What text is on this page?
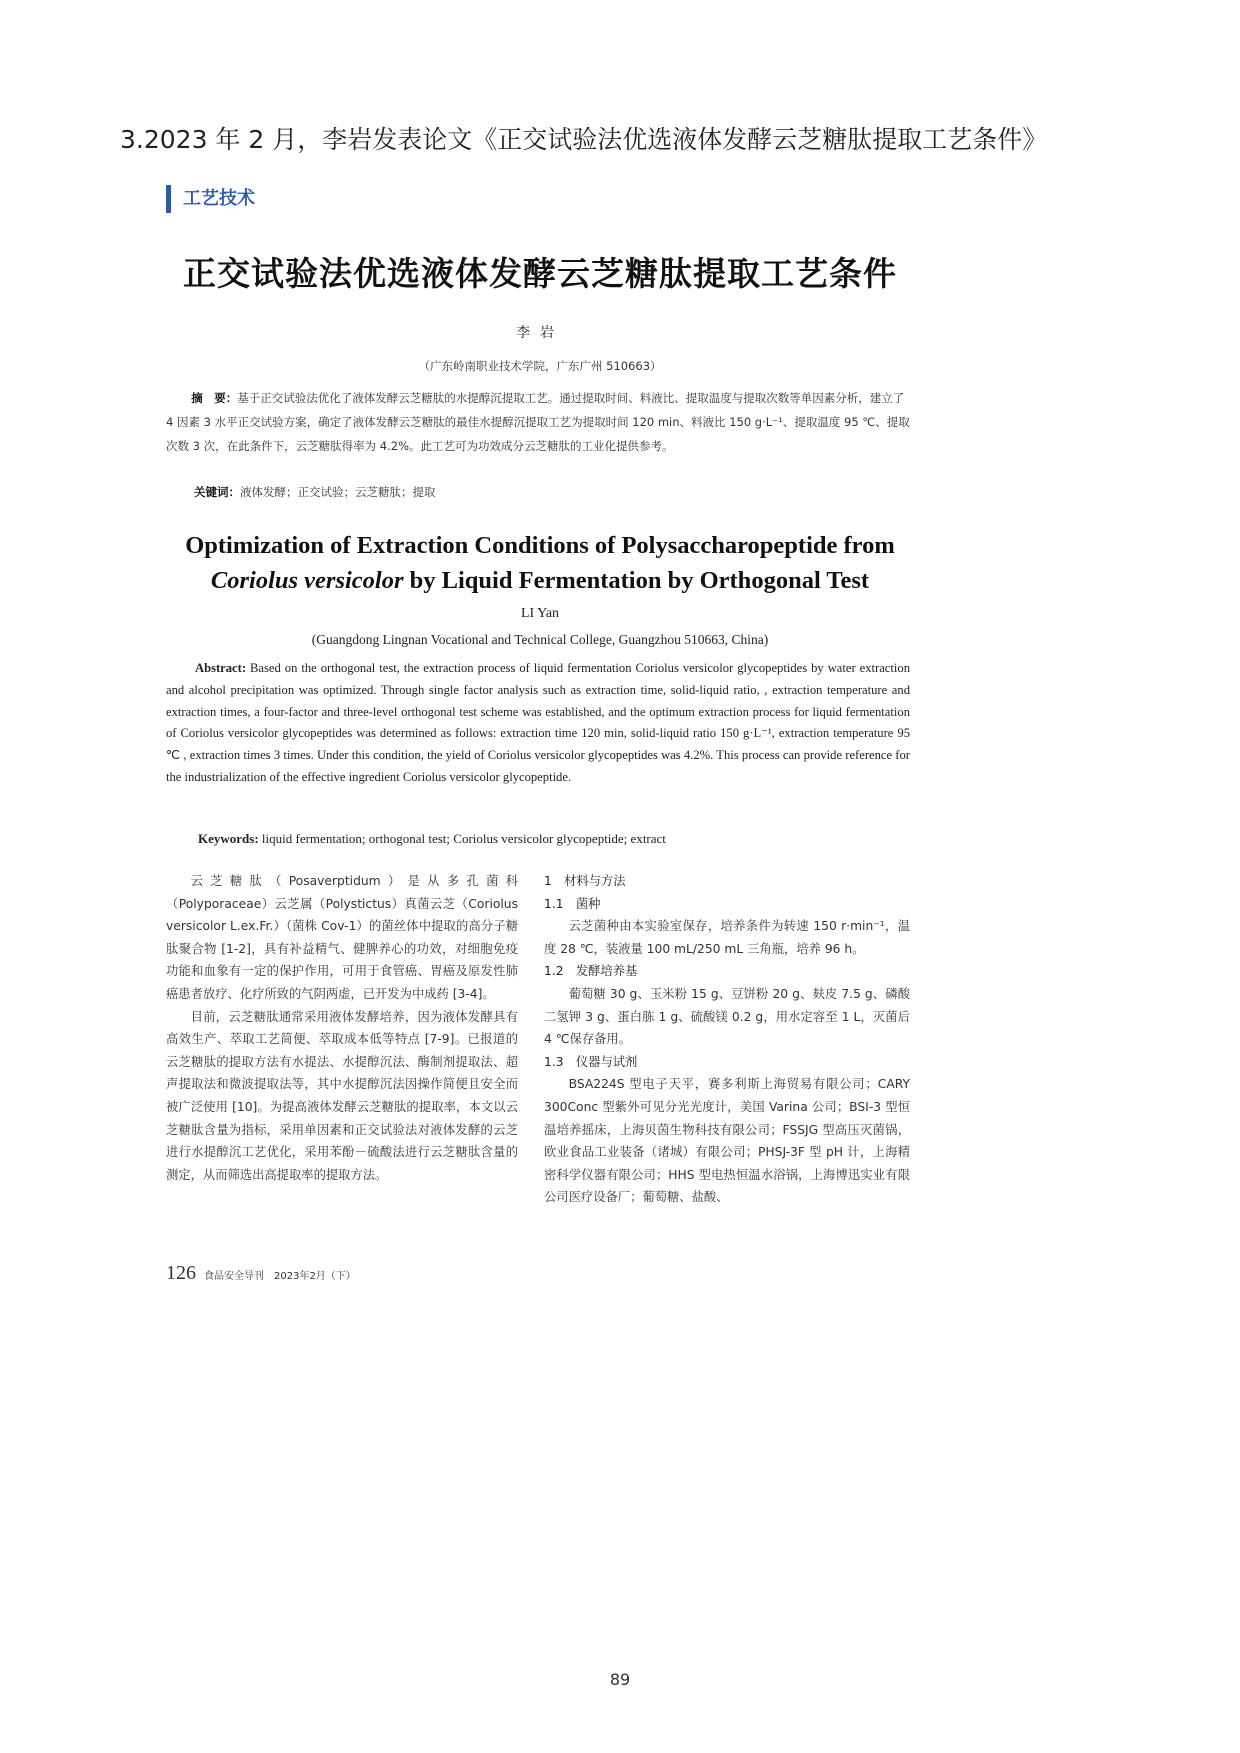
3.2023 年 2 月，李岩发表论文《正交试验法优选液体发酵云芝糖肽提取工艺条件》
工艺技术
正交试验法优选液体发酵云芝糖肽提取工艺条件
李岩
（广东岭南职业技术学院，广东广州 510663）
摘　要：基于正交试验法优化了液体发酵云芝糖肽的水提醇沉提取工艺。通过提取时间、料液比、提取温度与提取次数等单因素分析，建立了 4 因素 3 水平正交试验方案，确定了液体发酵云芝糖肽的最佳水提醇沉提取工艺为提取时间 120 min、料液比 150 g·L⁻¹、提取温度 95 ℃、提取次数 3 次，在此条件下，云芝糖肽得率为 4.2%。此工艺可为功效成分云芝糖肽的工业化提供参考。
关键词：液体发酵；正交试验；云芝糖肽；提取
Optimization of Extraction Conditions of Polysaccharopeptide from
Coriolus versicolor by Liquid Fermentation by Orthogonal Test
LI Yan
(Guangdong Lingnan Vocational and Technical College, Guangzhou 510663, China)
Abstract: Based on the orthogonal test, the extraction process of liquid fermentation Coriolus versicolor glycopeptides by water extraction and alcohol precipitation was optimized. Through single factor analysis such as extraction time, solid-liquid ratio, , extraction temperature and extraction times, a four-factor and three-level orthogonal test scheme was established, and the optimum extraction process for liquid fermentation of Coriolus versicolor glycopeptides was determined as follows: extraction time 120 min, solid-liquid ratio 150 g·L⁻¹, extraction temperature 95 ℃ , extraction times 3 times. Under this condition, the yield of Coriolus versicolor glycopeptides was 4.2%. This process can provide reference for the industrialization of the effective ingredient Coriolus versicolor glycopeptide.
Keywords: liquid fermentation; orthogonal test; Coriolus versicolor glycopeptide; extract

云芝糖肽（Posaverptidum）是从多孔菌科（Polyporaceae）云芝属（Polystictus）真菌云芝（Coriolus versicolor L.ex.Fr.）（菌株 Cov-1）的菌丝体中提取的高分子糖肽聚合物 [1-2]，具有补益精气、健脾养心的功效，对细胞免疫功能和血象有一定的保护作用，可用于食管癌、胃癌及原发性肺癌患者放疗、化疗所致的气阴两虚，已开发为中成药 [3-4]。

目前，云芝糖肽通常采用液体发酵培养，因为液体发酵具有高效生产、萃取工艺简便、萃取成本低等特点 [7-9]。已报道的云芝糖肽的提取方法有水提法、水提醇沉法、酶制剂提取法、超声提取法和微波提取法等，其中水提醇沉法因操作简便且安全而被广泛使用 [10]。为提高液体发酵云芝糖肽的提取率，本文以云芝糖肽含量为指标，采用单因素和正交试验法对液体发酵的云芝进行水提醇沉工艺优化，采用苯酚－硫酸法进行云芝糖肽含量的测定，从而筛选出高提取率的提取方法。

1　材料与方法
1.1　菌种

云芝菌种由本实验室保存，培养条件为转速 150 r·min⁻¹，温度 28 ℃，装液量 100 mL/250 mL 三角瓶，培养 96 h。

1.2　发酵培养基

葡萄糖 30 g、玉米粉 15 g、豆饼粉 20 g、麸皮 7.5 g、磷酸二氢钾 3 g、蛋白胨 1 g、硫酸镁 0.2 g，用水定容至 1 L，灭菌后 4 ℃保存备用。

1.3　仪器与试剂

BSA224S 型电子天平，赛多利斯上海贸易有限公司；CARY 300Conc 型紫外可见分光光度计，美国 Varina 公司；BSI-3 型恒温培养摇床，上海贝茵生物科技有限公司；FSSJG 型高压灭菌锅，欧业食品工业装备（诸城）有限公司；PHSJ-3F 型 pH 计，上海精密科学仪器有限公司；HHS 型电热恒温水浴锅，上海博迅实业有限公司医疗设备厂；葡萄糖、盐酸、

126 食品安全导刊　2023年2月（下）
89
